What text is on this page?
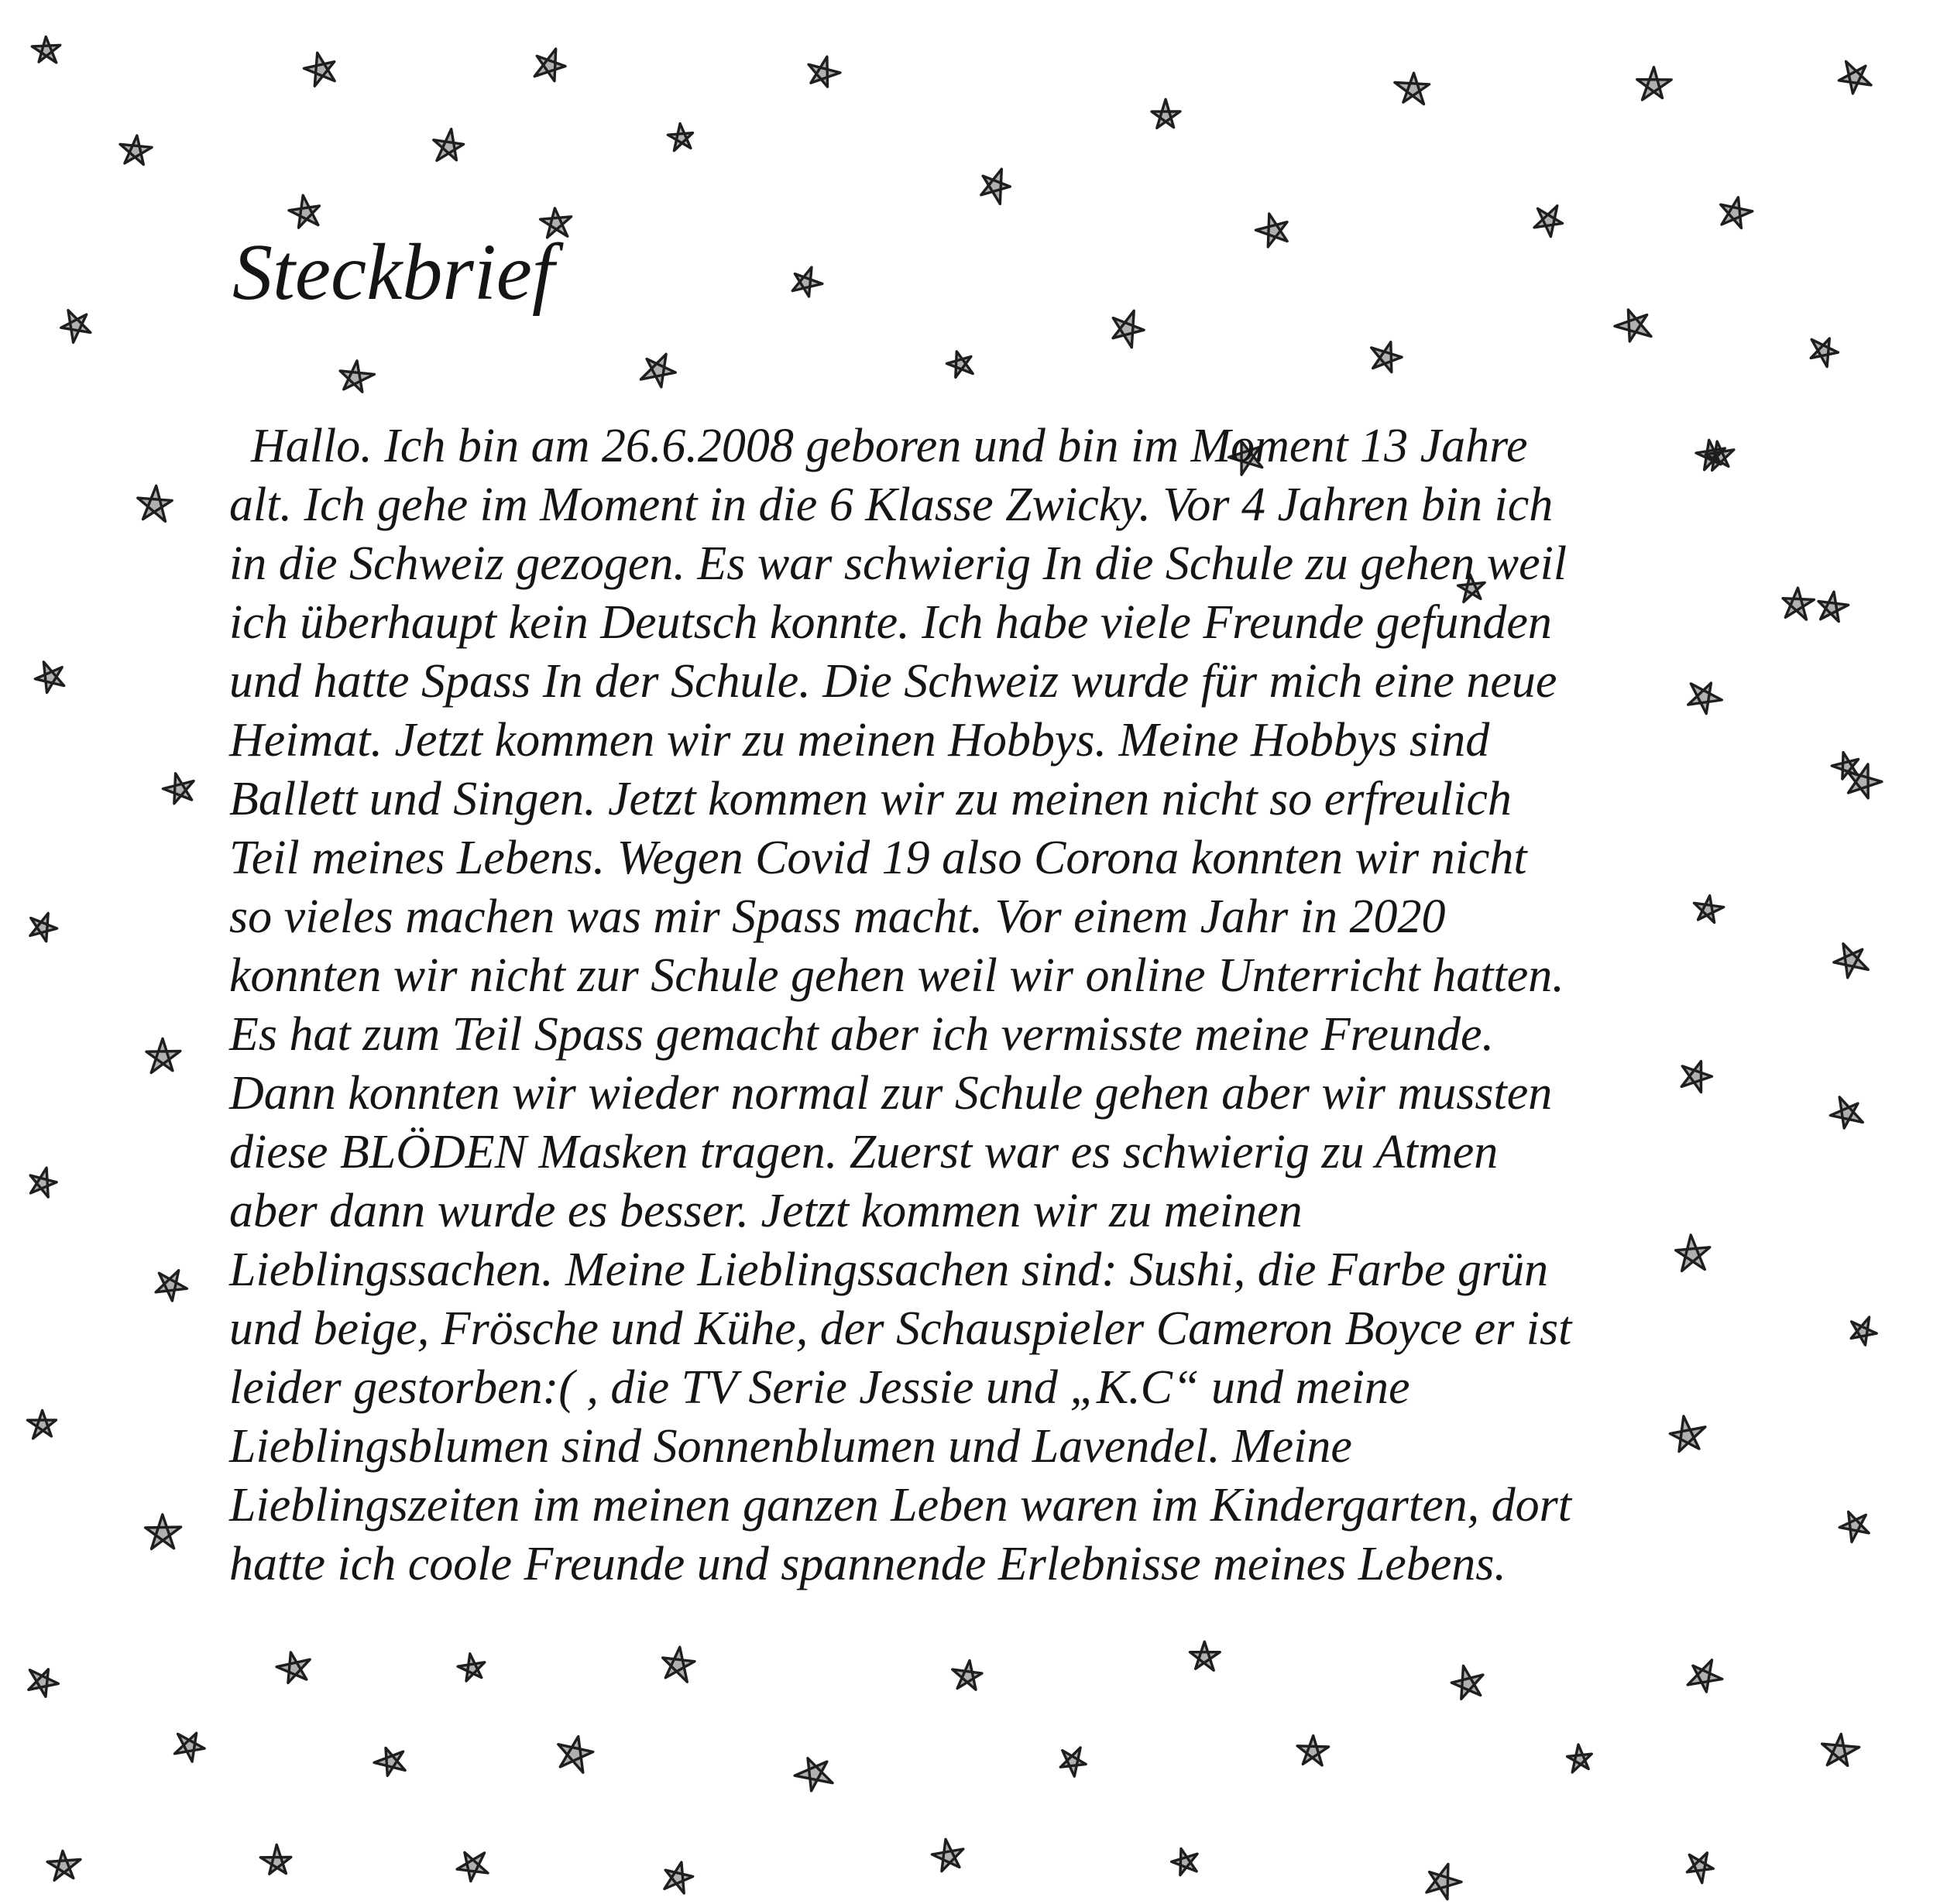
Steckbrief
Hallo. Ich bin am 26.6.2008 geboren und bin im Moment 13 Jahre
alt. Ich gehe im Moment in die 6 Klasse Zwicky. Vor 4 Jahren bin ich
in die Schweiz gezogen. Es war schwierig In die Schule zu gehen weil
ich überhaupt kein Deutsch konnte. Ich habe viele Freunde gefunden
und hatte Spass In der Schule. Die Schweiz wurde für mich eine neue
Heimat. Jetzt kommen wir zu meinen Hobbys. Meine Hobbys sind
Ballett und Singen. Jetzt kommen wir zu meinen nicht so erfreulich
Teil meines Lebens. Wegen Covid 19 also Corona konnten wir nicht
so vieles machen was mir Spass macht. Vor einem Jahr in 2020
konnten wir nicht zur Schule gehen weil wir online Unterricht hatten.
Es hat zum Teil Spass gemacht aber ich vermisste meine Freunde.
Dann konnten wir wieder normal zur Schule gehen aber wir mussten
diese BLÖDEN Masken tragen. Zuerst war es schwierig zu Atmen
aber dann wurde es besser. Jetzt kommen wir zu meinen
Lieblingssachen. Meine Lieblingssachen sind: Sushi, die Farbe grün
und beige, Frösche und Kühe, der Schauspieler Cameron Boyce er ist
leider gestorben:( , die TV Serie Jessie und „K.C“ und meine
Lieblingsblumen sind Sonnenblumen und Lavendel. Meine
Lieblingszeiten im meinen ganzen Leben waren im Kindergarten, dort
hatte ich coole Freunde und spannende Erlebnisse meines Lebens.
